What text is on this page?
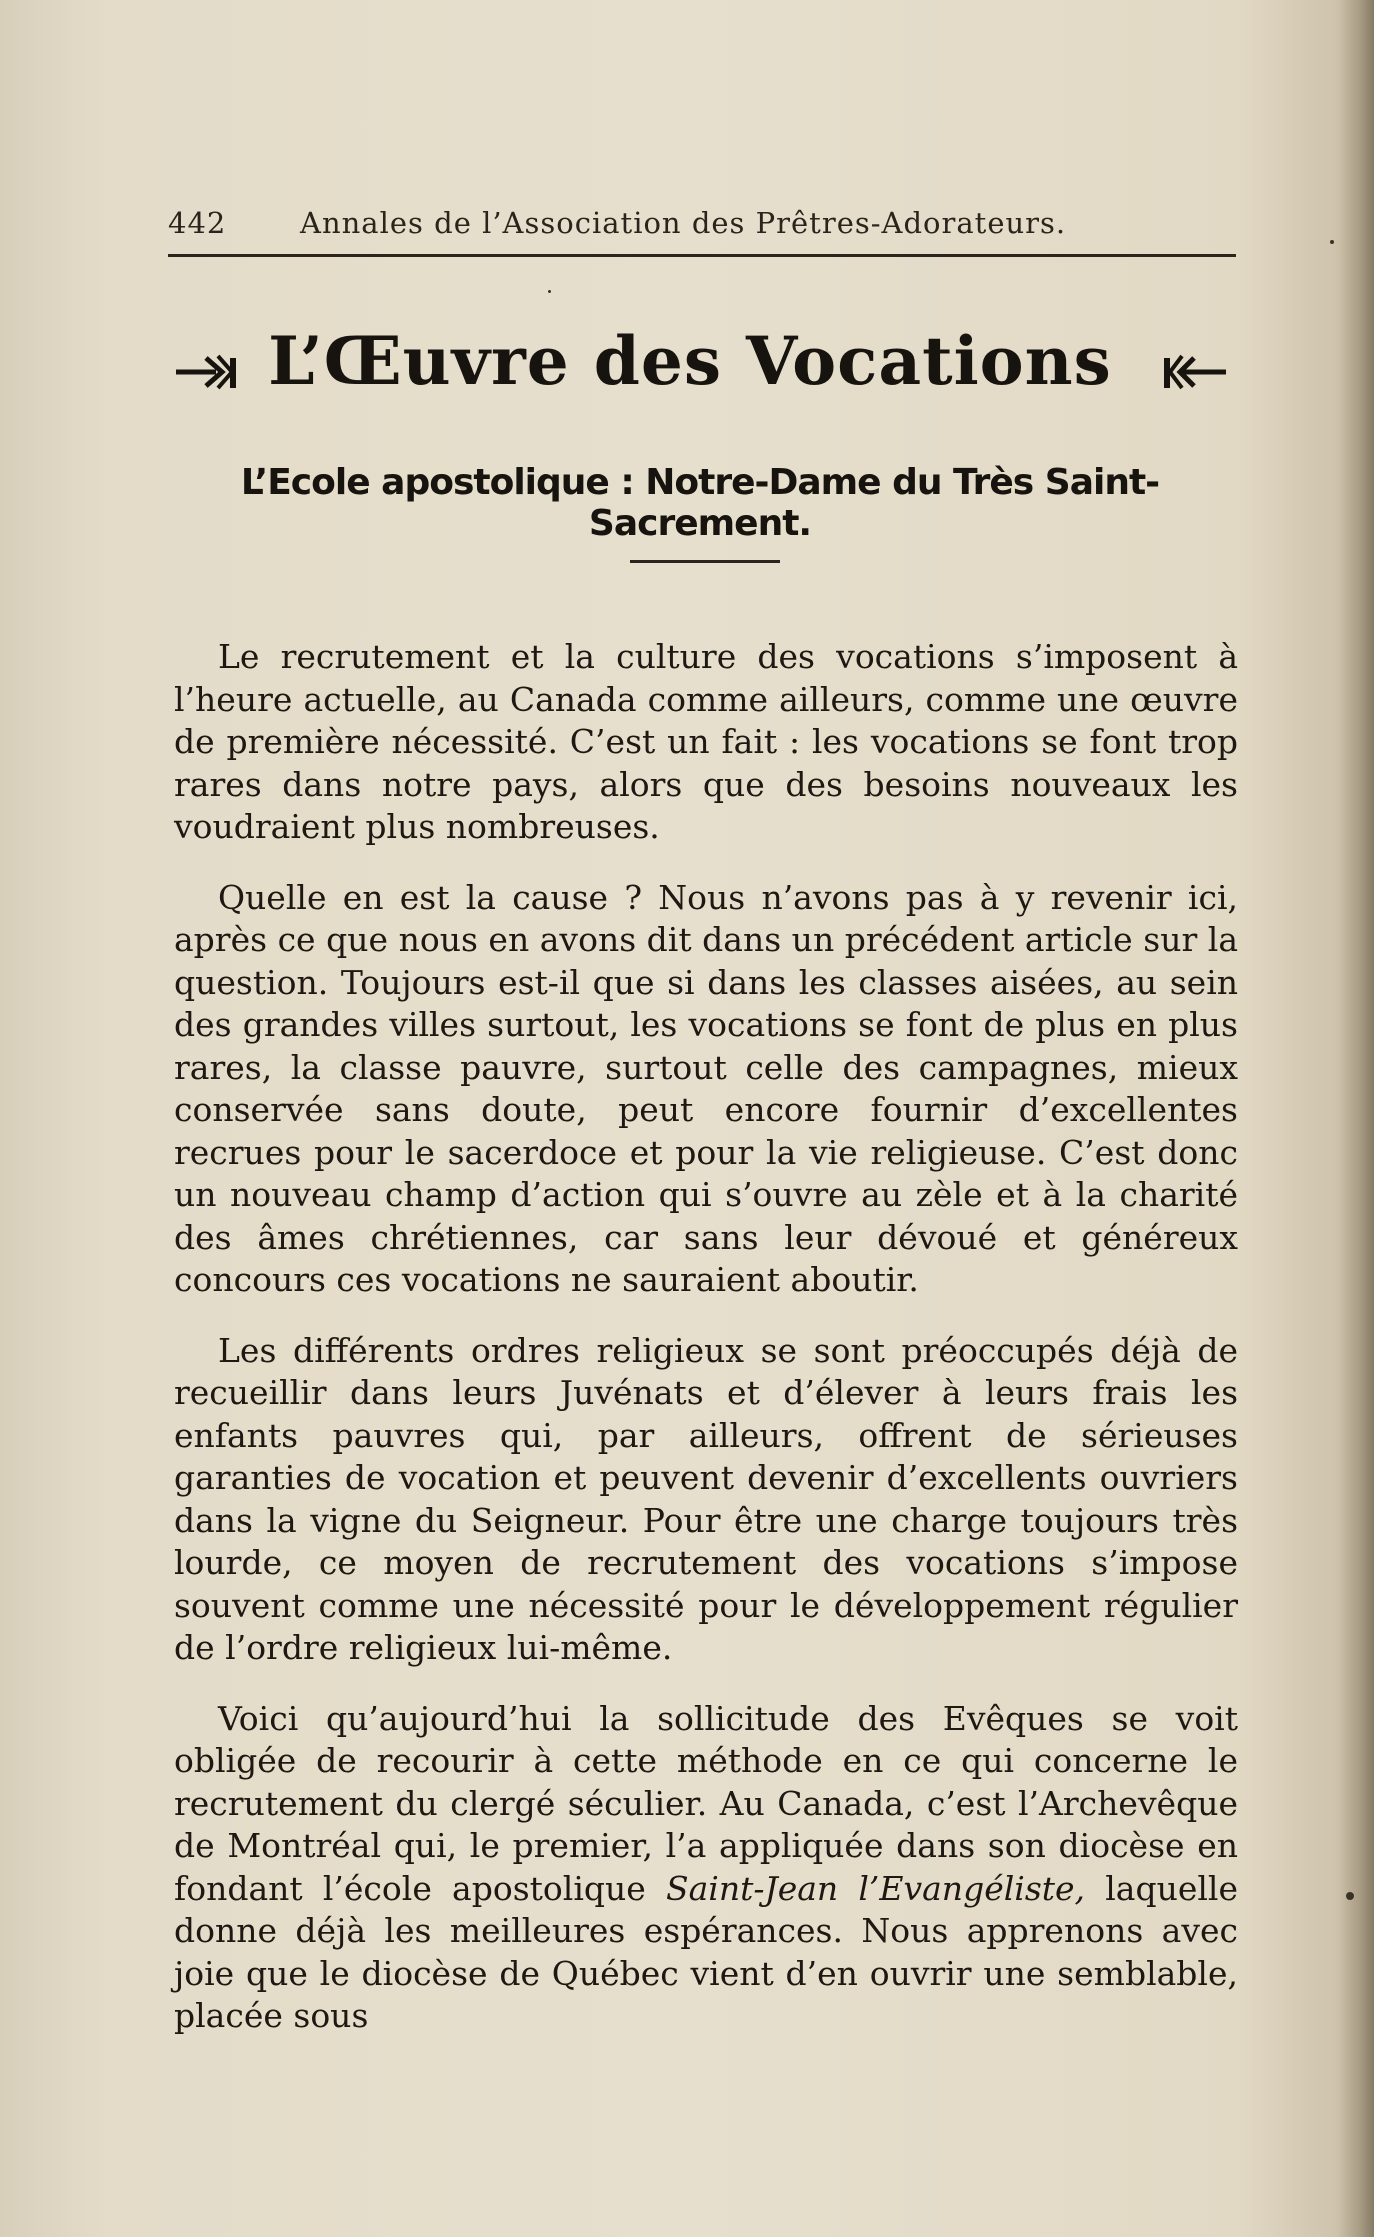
442	Annales de l’Association des Prêtres-Adorateurs.
L’Œuvre des Vocations
L’Ecole apostolique : Notre-Dame du Très Saint-Sacrement.

Le recrutement et la culture des vocations s’imposent à l’heure actuelle, au Canada comme ailleurs, comme une œuvre de première nécessité. C’est un fait : les vocations se font trop rares dans notre pays, alors que des besoins nouveaux les voudraient plus nombreuses.

Quelle en est la cause ? Nous n’avons pas à y revenir ici, après ce que nous en avons dit dans un précédent article sur la question. Toujours est-il que si dans les classes aisées, au sein des grandes villes surtout, les vocations se font de plus en plus rares, la classe pauvre, surtout celle des campagnes, mieux conservée sans doute, peut encore fournir d’excellentes recrues pour le sacerdoce et pour la vie religieuse. C’est donc un nouveau champ d’action qui s’ouvre au zèle et à la charité des âmes chrétiennes, car sans leur dévoué et généreux concours ces vocations ne sauraient aboutir.

Les différents ordres religieux se sont préoccupés déjà de recueillir dans leurs Juvénats et d’élever à leurs frais les enfants pauvres qui, par ailleurs, offrent de sérieuses garanties de vocation et peuvent devenir d’excellents ouvriers dans la vigne du Seigneur. Pour être une charge toujours très lourde, ce moyen de recrutement des vocations s’impose souvent comme une nécessité pour le développement régulier de l’ordre religieux lui-même.

Voici qu’aujourd’hui la sollicitude des Evêques se voit obligée de recourir à cette méthode en ce qui concerne le recrutement du clergé séculier. Au Canada, c’est l’Archevêque de Montréal qui, le premier, l’a appliquée dans son diocèse en fondant l’école apostolique Saint-Jean l’Evangéliste, laquelle donne déjà les meilleures espérances. Nous apprenons avec joie que le diocèse de Québec vient d’en ouvrir une semblable, placée sous
